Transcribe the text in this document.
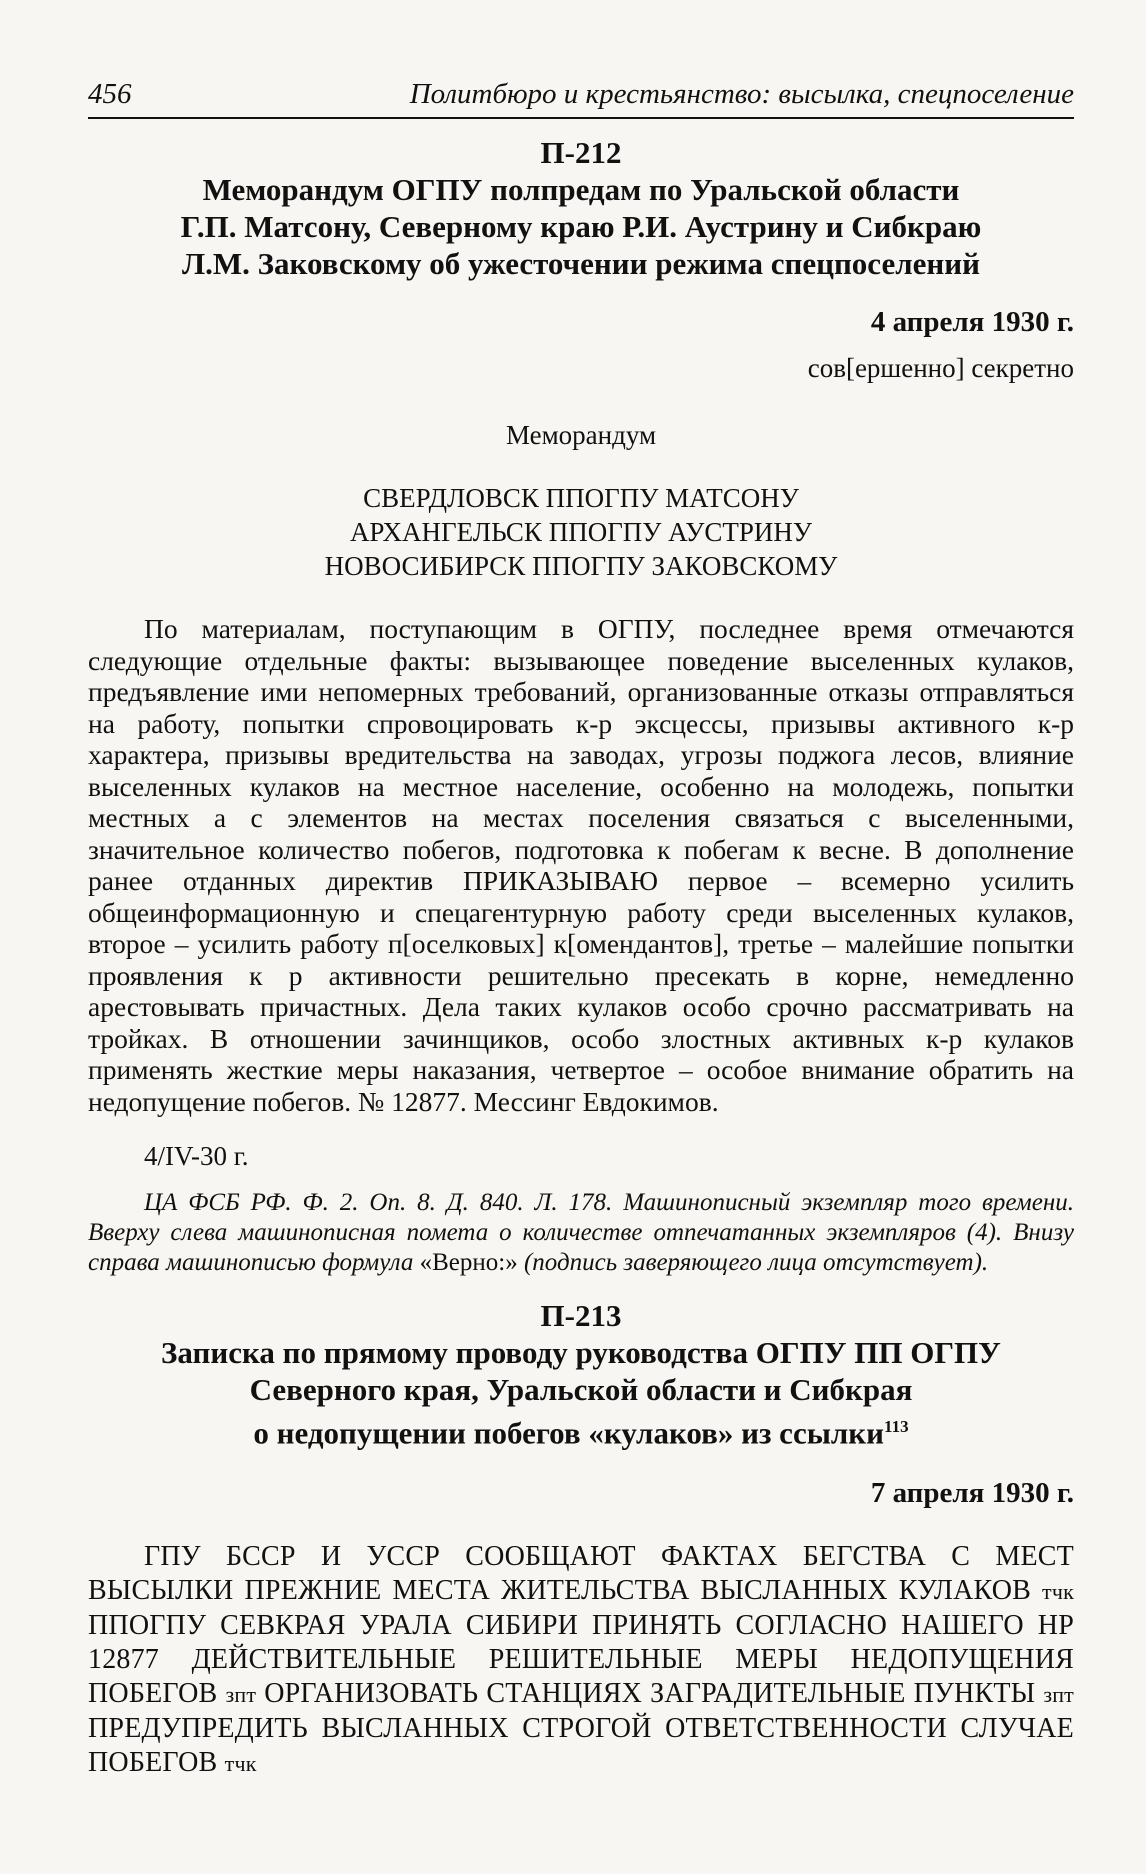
456	Политбюро и крестьянство: высылка, спецпоселение
П-212
Меморандум ОГПУ полпредам по Уральской области
Г.П. Матсону, Северному краю Р.И. Аустрину и Сибкраю
Л.М. Заковскому об ужесточении режима спецпоселений
4 апреля 1930 г.
сов[ершенно] секретно
Меморандум
СВЕРДЛОВСК ППОГПУ МАТСОНУ
АРХАНГЕЛЬСК ППОГПУ АУСТРИНУ
НОВОСИБИРСК ППОГПУ ЗАКОВСКОМУ
По материалам, поступающим в ОГПУ, последнее время отмечаются следующие отдельные факты: вызывающее поведение выселенных кулаков, предъявление ими непомерных требований, организованные отказы отправляться на работу, попытки спровоцировать к-р эксцессы, призывы активного к-р характера, призывы вредительства на заводах, угрозы поджога лесов, влияние выселенных кулаков на местное население, особенно на молодежь, попытки местных а с элементов на местах поселения связаться с выселенными, значительное количество побегов, подготовка к побегам к весне. В дополнение ранее отданных директив ПРИКАЗЫВАЮ первое – всемерно усилить общеинформационную и спецагентурную работу среди выселенных кулаков, второе – усилить работу п[оселковых] к[омендантов], третье – малейшие попытки проявления к р активности решительно пресекать в корне, немедленно арестовывать причастных. Дела таких кулаков особо срочно рассматривать на тройках. В отношении зачинщиков, особо злостных активных к-р кулаков применять жесткие меры наказания, четвертое – особое внимание обратить на недопущение побегов. № 12877. Мессинг Евдокимов.
4/IV-30 г.
ЦА ФСБ РФ. Ф. 2. Оп. 8. Д. 840. Л. 178. Машинописный экземпляр того времени. Вверху слева машинописная помета о количестве отпечатанных экземпляров (4). Внизу справа машинописью формула «Верно:» (подпись заверяющего лица отсутствует).
П-213
Записка по прямому проводу руководства ОГПУ ПП ОГПУ
Северного края, Уральской области и Сибкрая
о недопущении побегов «кулаков» из ссылки$^{113}$
7 апреля 1930 г.
ГПУ БССР И УССР СООБЩАЮТ ФАКТАХ БЕГСТВА С МЕСТ ВЫСЫЛКИ ПРЕЖНИЕ МЕСТА ЖИТЕЛЬСТВА ВЫСЛАННЫХ КУЛАКОВ тчк ППОГПУ СЕВКРАЯ УРАЛА СИБИРИ ПРИНЯТЬ СОГЛАСНО НАШЕГО НР 12877 ДЕЙСТВИТЕЛЬНЫЕ РЕШИТЕЛЬНЫЕ МЕРЫ НЕДОПУЩЕНИЯ ПОБЕГОВ зпт ОРГАНИЗОВАТЬ СТАНЦИЯХ ЗАГРАДИТЕЛЬНЫЕ ПУНКТЫ зпт ПРЕДУПРЕДИТЬ ВЫСЛАННЫХ СТРОГОЙ ОТВЕТСТВЕННОСТИ СЛУЧАЕ ПОБЕГОВ тчк
